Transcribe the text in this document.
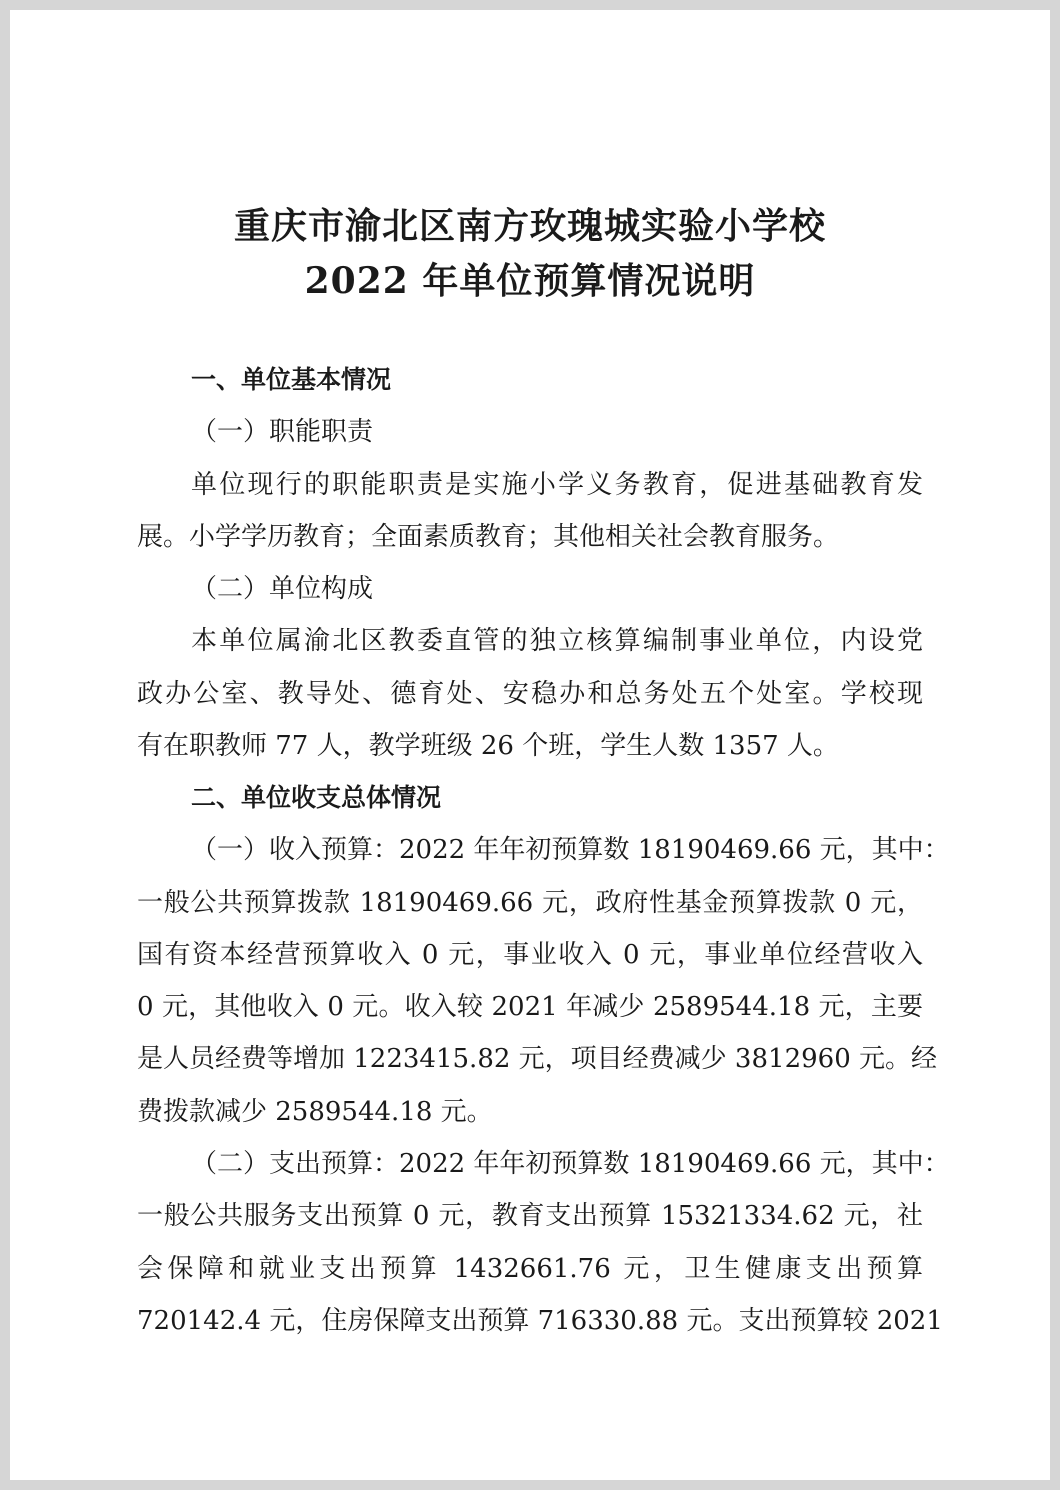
重庆市渝北区南方玫瑰城实验小学校
2022 年单位预算情况说明
一、单位基本情况
（一）职能职责
单位现行的职能职责是实施小学义务教育，促进基础教育发
展。小学学历教育；全面素质教育；其他相关社会教育服务。
（二）单位构成
本单位属渝北区教委直管的独立核算编制事业单位，内设党
政办公室、教导处、德育处、安稳办和总务处五个处室。学校现
有在职教师 77 人，教学班级 26 个班，学生人数 1357 人。
二、单位收支总体情况
（一）收入预算：2022 年年初预算数 18190469.66 元，其中：
一般公共预算拨款 18190469.66 元，政府性基金预算拨款 0 元，
国有资本经营预算收入 0 元，事业收入 0 元，事业单位经营收入
0 元，其他收入 0 元。收入较 2021 年减少 2589544.18 元，主要
是人员经费等增加 1223415.82 元，项目经费减少 3812960 元。经
费拨款减少 2589544.18 元。
（二）支出预算：2022 年年初预算数 18190469.66 元，其中：
一般公共服务支出预算 0 元，教育支出预算 15321334.62 元，社
会保障和就业支出预算 1432661.76 元，卫生健康支出预算
720142.4 元，住房保障支出预算 716330.88 元。支出预算较 2021
